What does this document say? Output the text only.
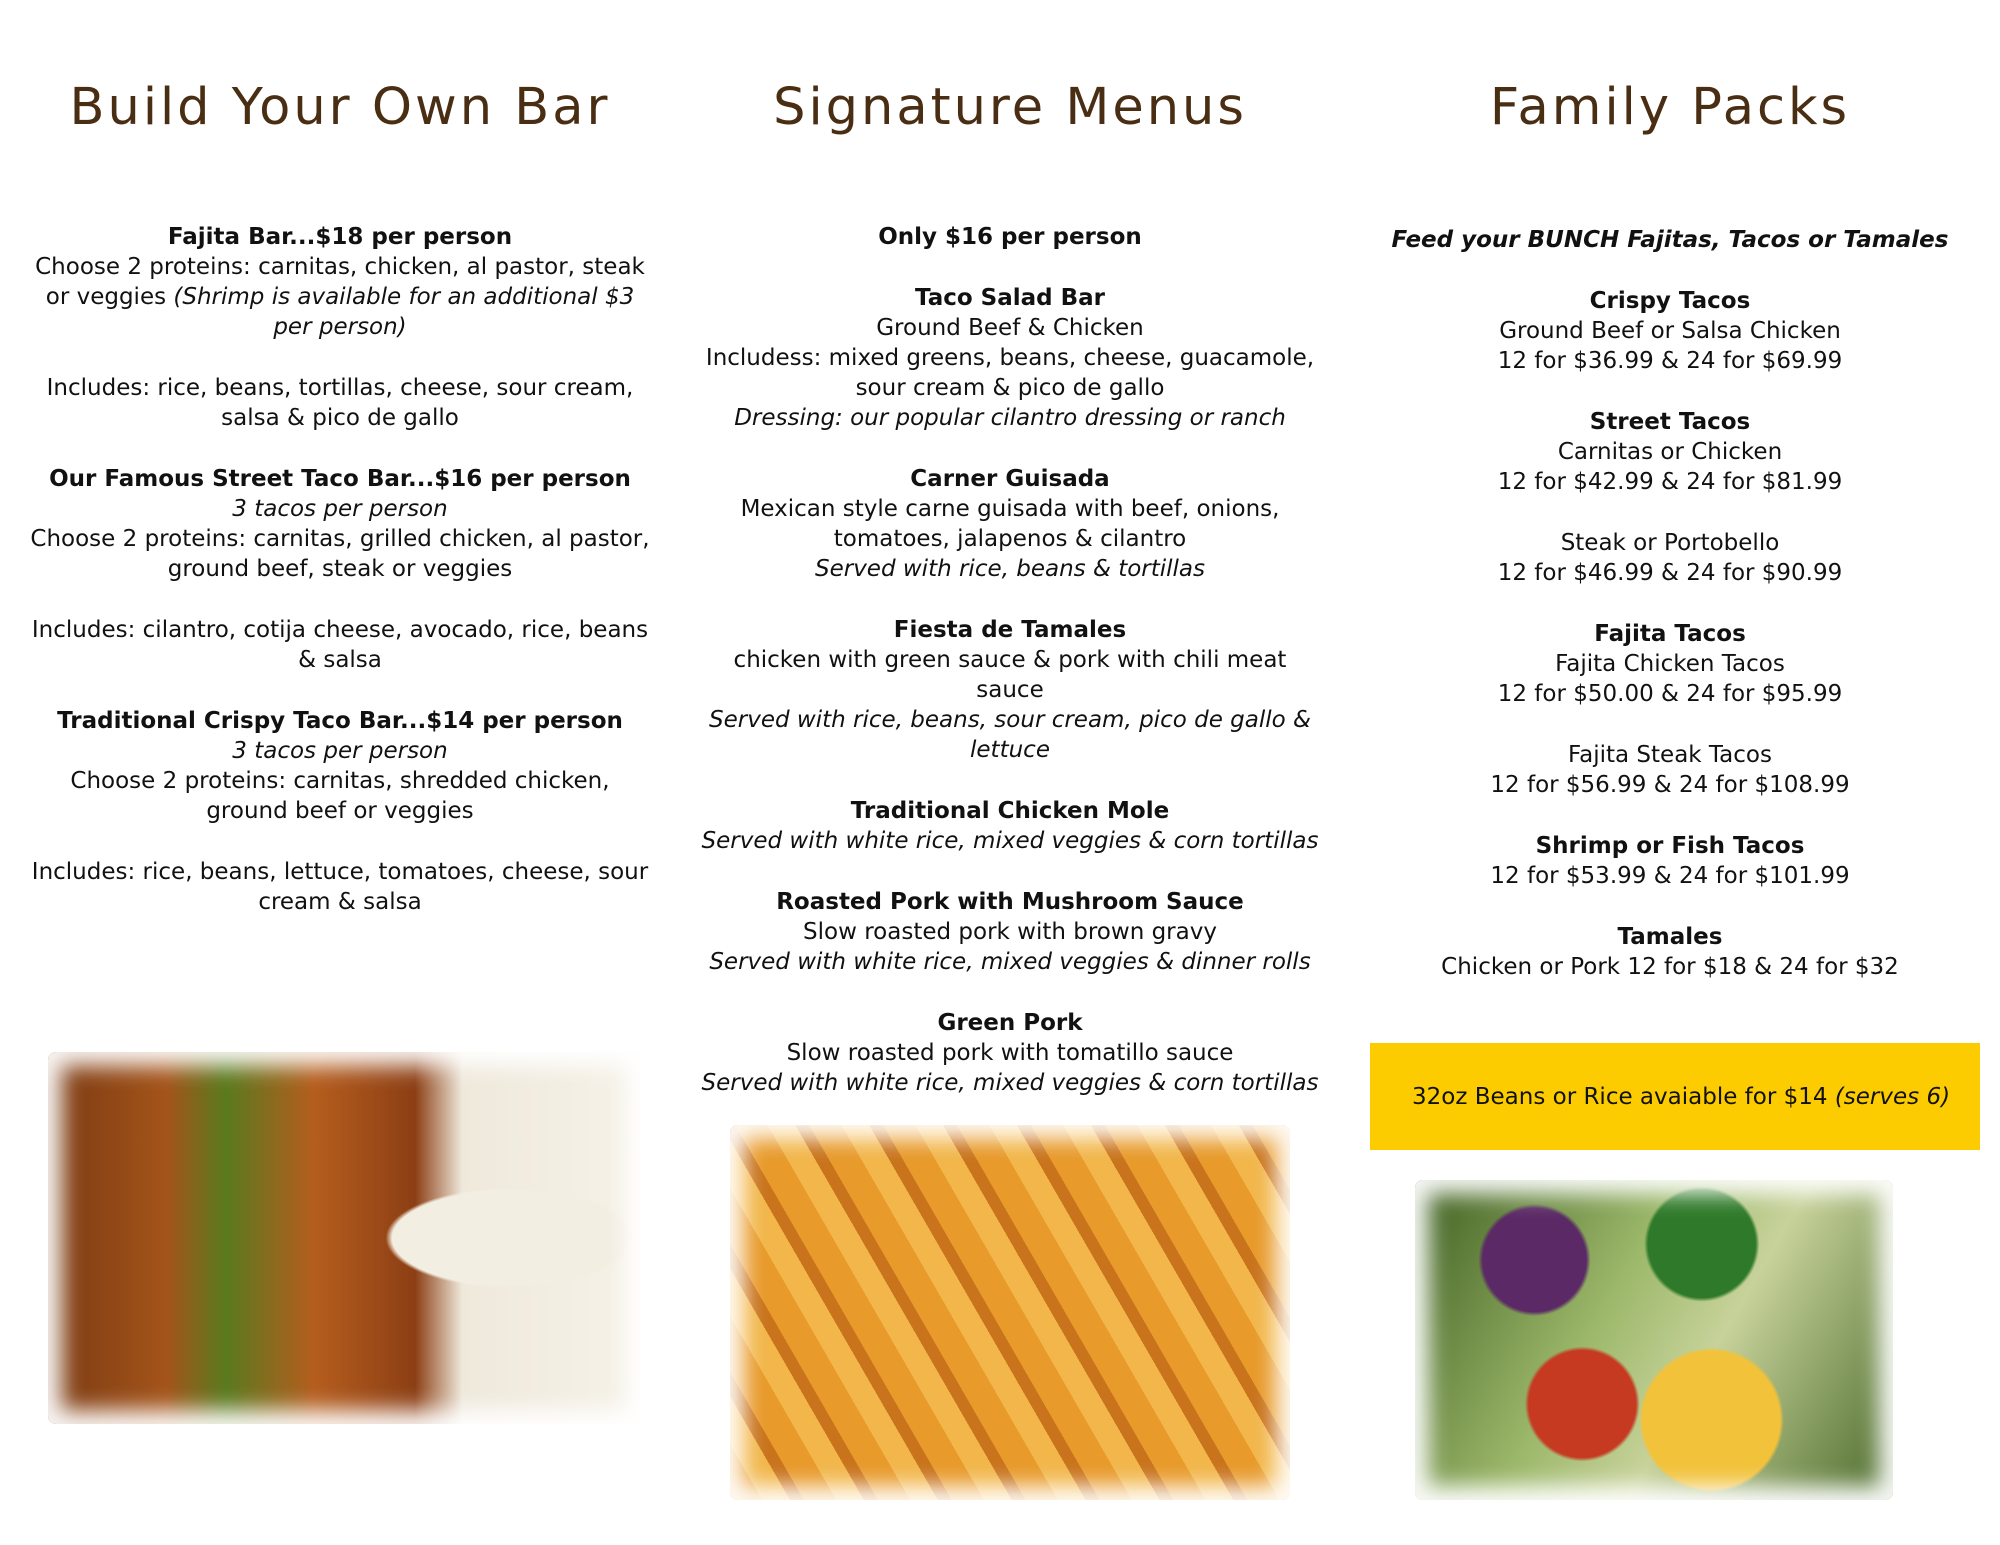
Build Your Own Bar

Fajita Bar...$18 per person

Choose 2 proteins: carnitas, chicken, al pastor, steak or veggies (Shrimp is available for an additional $3 per person)

Includes: rice, beans, tortillas, cheese, sour cream, salsa & pico de gallo

Our Famous Street Taco Bar...$16 per person

3 tacos per person

Choose 2 proteins: carnitas, grilled chicken, al pastor, ground beef, steak or veggies

Includes: cilantro, cotija cheese, avocado, rice, beans & salsa

Traditional Crispy Taco Bar...$14 per person

3 tacos per person

Choose 2 proteins: carnitas, shredded chicken, ground beef or veggies

Includes: rice, beans, lettuce, tomatoes, cheese, sour cream & salsa

Signature Menus

Only $16 per person

Taco Salad Bar

Ground Beef & Chicken

Includess: mixed greens, beans, cheese, guacamole, sour cream & pico de gallo

Dressing: our popular cilantro dressing or ranch

Carner Guisada

Mexican style carne guisada with beef, onions, tomatoes, jalapenos & cilantro

Served with rice, beans & tortillas

Fiesta de Tamales

chicken with green sauce & pork with chili meat sauce

Served with rice, beans, sour cream, pico de gallo & lettuce

Traditional Chicken Mole

Served with white rice, mixed veggies & corn tortillas

Roasted Pork with Mushroom Sauce

Slow roasted pork with brown gravy

Served with white rice, mixed veggies & dinner rolls

Green Pork

Slow roasted pork with tomatillo sauce

Served with white rice, mixed veggies & corn tortillas

Family Packs

Feed your BUNCH Fajitas, Tacos or Tamales

Crispy Tacos

Ground Beef or Salsa Chicken

12 for $36.99 & 24 for $69.99

Street Tacos

Carnitas or Chicken

12 for $42.99 & 24 for $81.99

Steak or Portobello

12 for $46.99 & 24 for $90.99

Fajita Tacos

Fajita Chicken Tacos

12 for $50.00 & 24 for $95.99

Fajita Steak Tacos

12 for $56.99 & 24 for $108.99

Shrimp or Fish Tacos

12 for $53.99 & 24 for $101.99

Tamales

Chicken or Pork 12 for $18 & 24 for $32

32oz Beans or Rice avaiable for $14
(serves 6)
